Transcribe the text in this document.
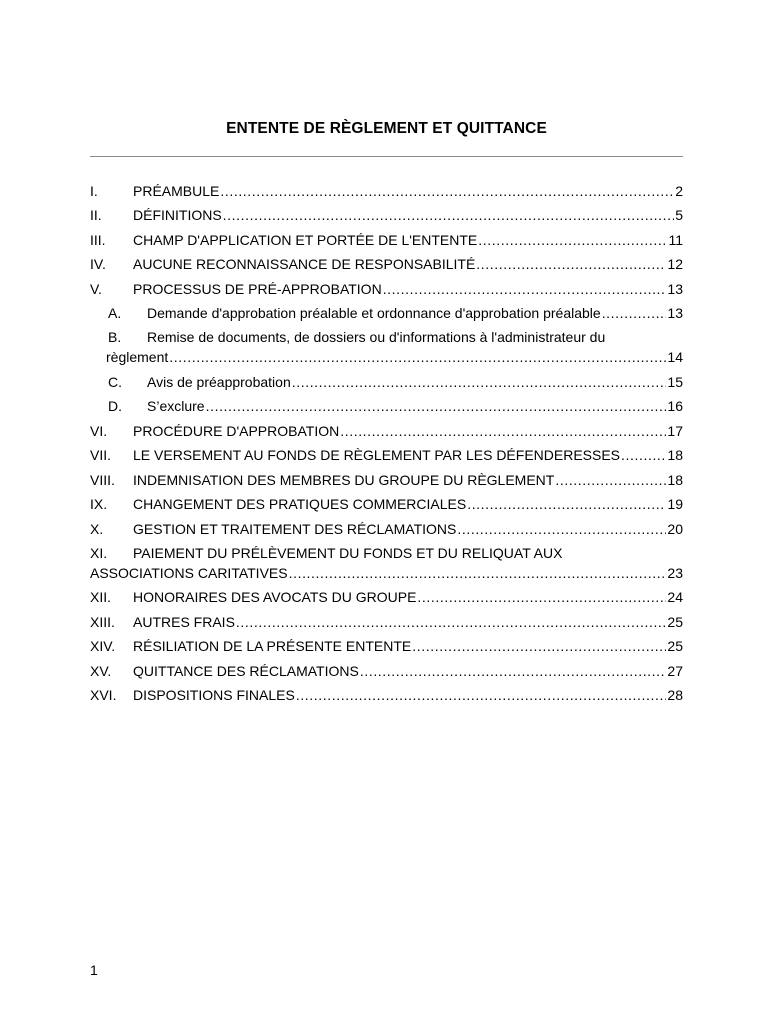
ENTENTE DE RÈGLEMENT ET QUITTANCE
I.	PRÉAMBULE .....	2
II.	DÉFINITIONS .....	5
III.	CHAMP D'APPLICATION ET PORTÉE DE L'ENTENTE .....	11
IV.	AUCUNE RECONNAISSANCE DE RESPONSABILITÉ .....	12
V.	PROCESSUS DE PRÉ-APPROBATION .....	13
A.	Demande d'approbation préalable et ordonnance d'approbation préalable .....	13
B.	Remise de documents, de dossiers ou d'informations à l'administrateur du
règlement .....	14
C.	Avis de préapprobation .....	15
D.	S’exclure .....	16
VI.	PROCÉDURE D'APPROBATION .....	17
VII.	LE VERSEMENT AU FONDS DE RÈGLEMENT PAR LES DÉFENDERESSES .....	18
VIII.	INDEMNISATION DES MEMBRES DU GROUPE DU RÈGLEMENT .....	18
IX.	CHANGEMENT DES PRATIQUES COMMERCIALES .....	19
X.	GESTION ET TRAITEMENT DES RÉCLAMATIONS .....	20
XI.	PAIEMENT DU PRÉLÈVEMENT DU FONDS ET DU RELIQUAT AUX
ASSOCIATIONS CARITATIVES .....	23
XII.	HONORAIRES DES AVOCATS DU GROUPE .....	24
XIII.	AUTRES FRAIS .....	25
XIV.	RÉSILIATION DE LA PRÉSENTE ENTENTE .....	25
XV.	QUITTANCE DES RÉCLAMATIONS .....	27
XVI.	DISPOSITIONS FINALES .....	28
1
